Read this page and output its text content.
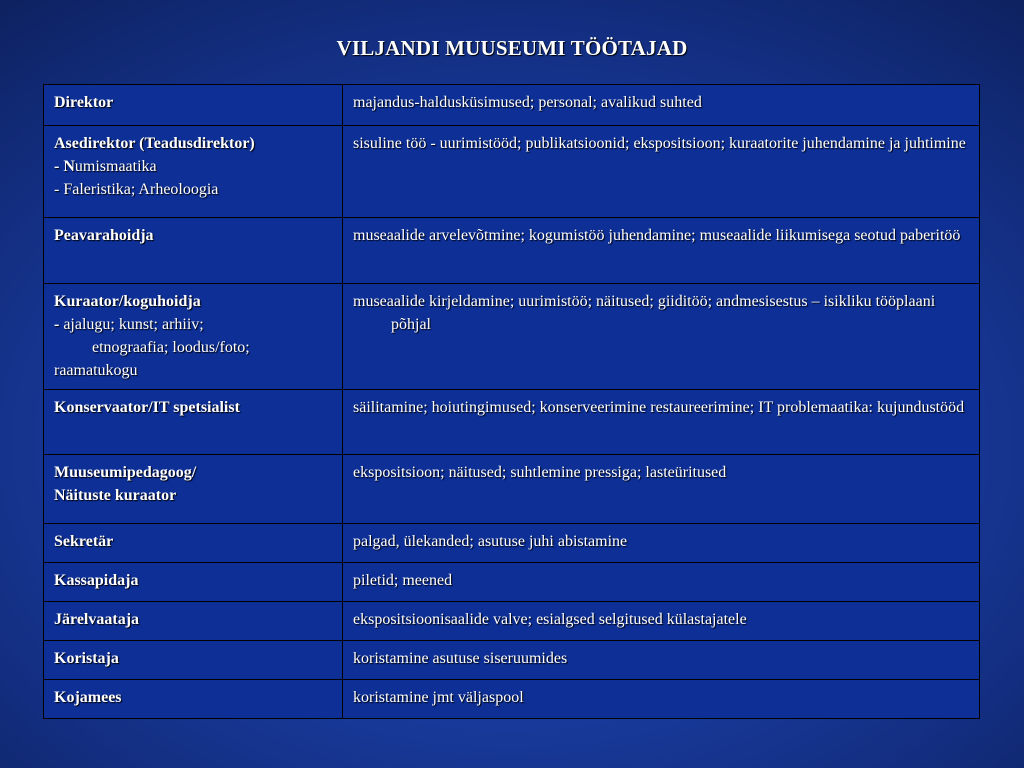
VILJANDI MUUSEUMI TÖÖTAJAD
Direktor	majandus-haldusküsimused; personal; avalikud suhted

Asedirektor (Teadusdirektor)
- Numismaatika
- Faleristika; Arheoloogia	sisuline töö - uurimistööd; publikatsioonid; ekspositsioon; kuraatorite juhendamine ja juhtimine

Peavarahoidja	museaalide arvelevõtmine; kogumistöö juhendamine; museaalide liikumisega seotud paberitöö
Kuraator/koguhoidja
- ajalugu; kunst; arhiiv;

etnograafia; loodus/foto;
raamatukogu	museaalide kirjeldamine; uurimistöö; näitused; giiditöö; andmesisestus – isikliku tööplaani põhjal

Konservaator/IT spetsialist	säilitamine; hoiutingimused; konserveerimine restaureerimine; IT problemaatika: kujundustööd

Muuseumipedagoog/
Näituste kuraator	ekspositsioon; näitused; suhtlemine pressiga; lasteüritused
Sekretär	palgad, ülekanded; asutuse juhi abistamine
Kassapidaja	piletid; meened
Järelvaataja	ekspositsioonisaalide valve; esialgsed selgitused külastajatele
Koristaja	koristamine asutuse siseruumides
Kojamees	koristamine jmt väljaspool
